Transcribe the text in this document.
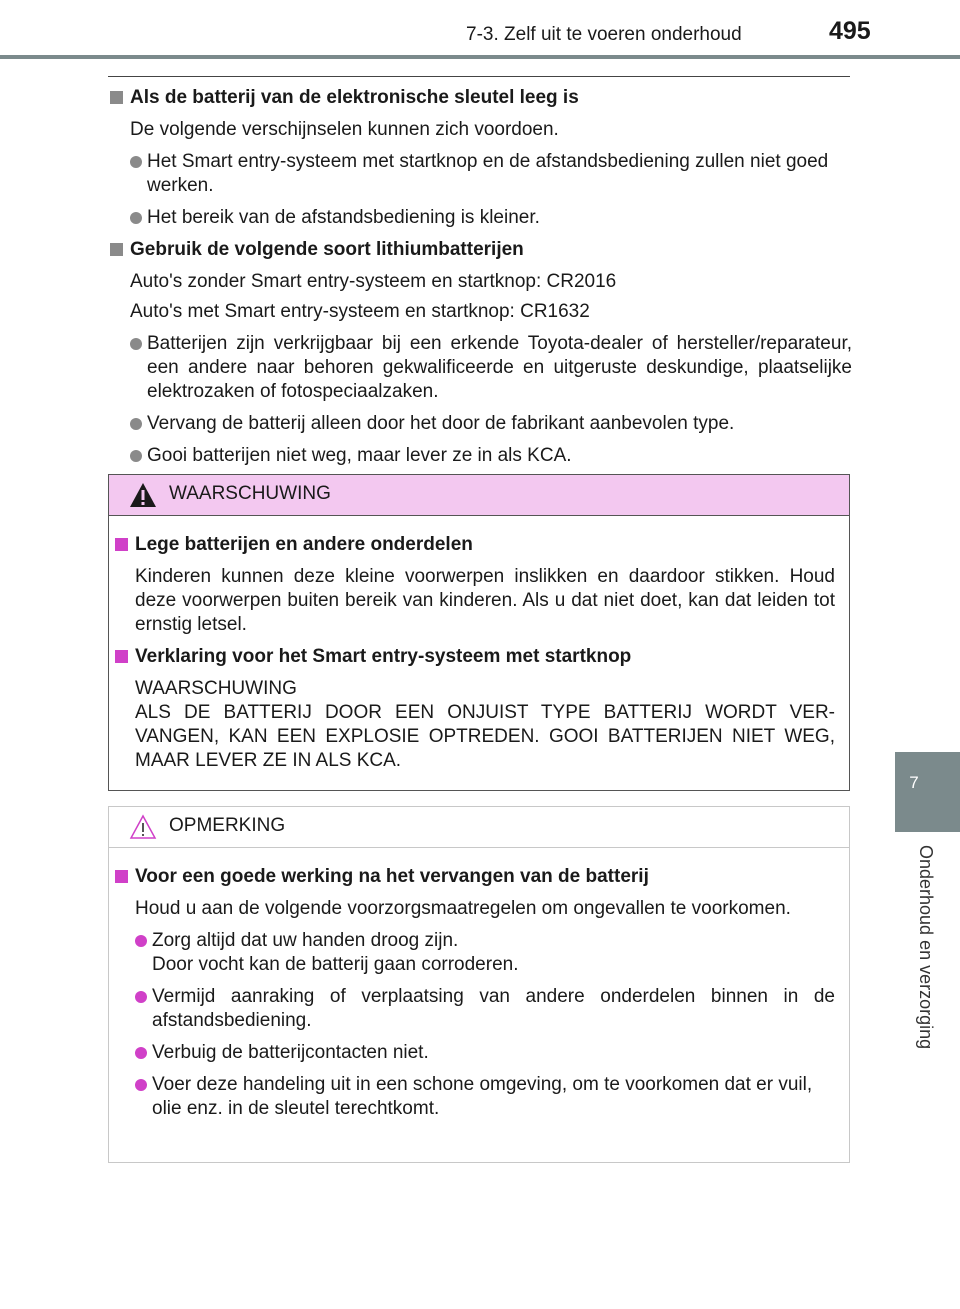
7-3. Zelf uit te voeren onderhoud	495
7
Onderhoud en verzorging
Als de batterij van de elektronische sleutel leeg is
De volgende verschijnselen kunnen zich voordoen.
Het Smart entry-systeem met startknop en de afstandsbediening zullen niet goed werken.
Het bereik van de afstandsbediening is kleiner.
Gebruik de volgende soort lithiumbatterijen
Auto's zonder Smart entry-systeem en startknop: CR2016
Auto's met Smart entry-systeem en startknop: CR1632
Batterijen zijn verkrijgbaar bij een erkende Toyota-dealer of hersteller/reparateur, een andere naar behoren gekwalificeerde en uitgeruste deskundige, plaatselijke elektrozaken of fotospeciaalzaken.
Vervang de batterij alleen door het door de fabrikant aanbevolen type.
Gooi batterijen niet weg, maar lever ze in als KCA.
WAARSCHUWING
Lege batterijen en andere onderdelen
Kinderen kunnen deze kleine voorwerpen inslikken en daardoor stikken. Houd deze voorwerpen buiten bereik van kinderen. Als u dat niet doet, kan dat leiden tot ernstig letsel.
Verklaring voor het Smart entry-systeem met startknop
WAARSCHUWING
ALS DE BATTERIJ DOOR EEN ONJUIST TYPE BATTERIJ WORDT VERVANGEN, KAN EEN EXPLOSIE OPTREDEN. GOOI BATTERIJEN NIET WEG, MAAR LEVER ZE IN ALS KCA.
OPMERKING
Voor een goede werking na het vervangen van de batterij
Houd u aan de volgende voorzorgsmaatregelen om ongevallen te voorkomen.
Zorg altijd dat uw handen droog zijn.
Door vocht kan de batterij gaan corroderen.
Vermijd aanraking of verplaatsing van andere onderdelen binnen in de afstandsbediening.
Verbuig de batterijcontacten niet.
Voer deze handeling uit in een schone omgeving, om te voorkomen dat er vuil, olie enz. in de sleutel terechtkomt.
